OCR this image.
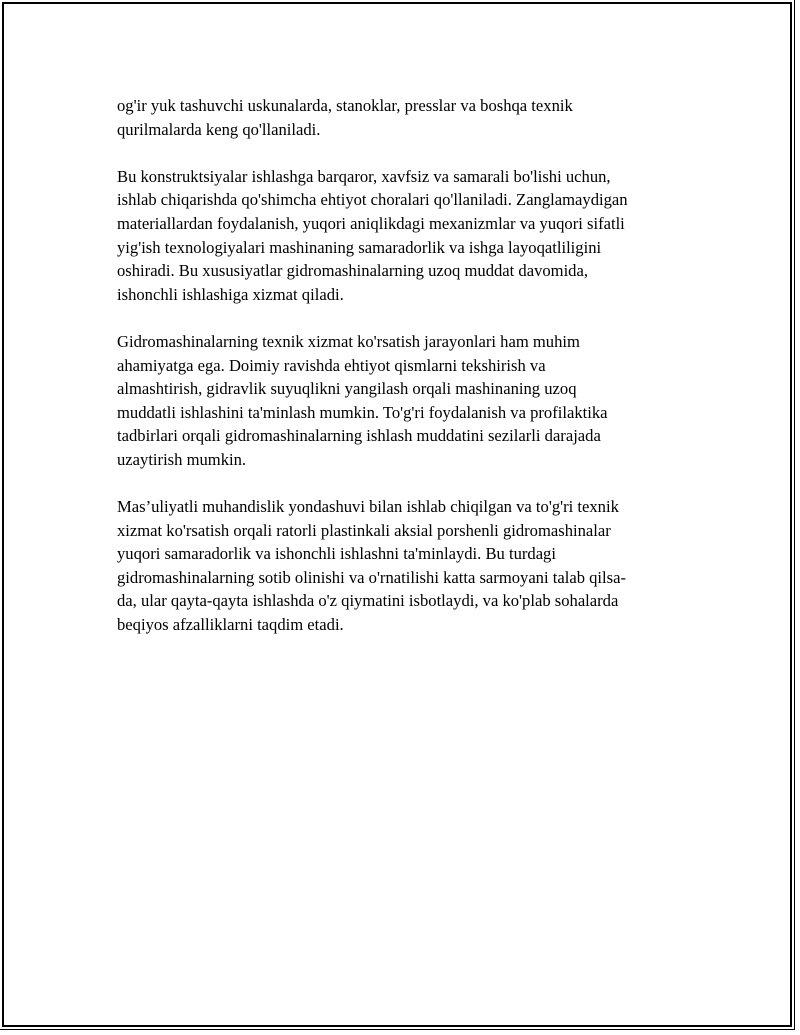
og'ir yuk tashuvchi uskunalarda, stanoklar, presslar va boshqa texnik
qurilmalarda keng qo'llaniladi.

Bu konstruktsiyalar ishlashga barqaror, xavfsiz va samarali bo'lishi uchun,
ishlab chiqarishda qo'shimcha ehtiyot choralari qo'llaniladi. Zanglamaydigan
materiallardan foydalanish, yuqori aniqlikdagi mexanizmlar va yuqori sifatli
yig'ish texnologiyalari mashinaning samaradorlik va ishga layoqatliligini
oshiradi. Bu xususiyatlar gidromashinalarning uzoq muddat davomida,
ishonchli ishlashiga xizmat qiladi.

Gidromashinalarning texnik xizmat ko'rsatish jarayonlari ham muhim
ahamiyatga ega. Doimiy ravishda ehtiyot qismlarni tekshirish va
almashtirish, gidravlik suyuqlikni yangilash orqali mashinaning uzoq
muddatli ishlashini ta'minlash mumkin. To'g'ri foydalanish va profilaktika
tadbirlari orqali gidromashinalarning ishlash muddatini sezilarli darajada
uzaytirish mumkin.

Mas’uliyatli muhandislik yondashuvi bilan ishlab chiqilgan va to'g'ri texnik
xizmat ko'rsatish orqali ratorli plastinkali aksial porshenli gidromashinalar
yuqori samaradorlik va ishonchli ishlashni ta'minlaydi. Bu turdagi
gidromashinalarning sotib olinishi va o'rnatilishi katta sarmoyani talab qilsa-
da, ular qayta-qayta ishlashda o'z qiymatini isbotlaydi, va ko'plab sohalarda
beqiyos afzalliklarni taqdim etadi.
